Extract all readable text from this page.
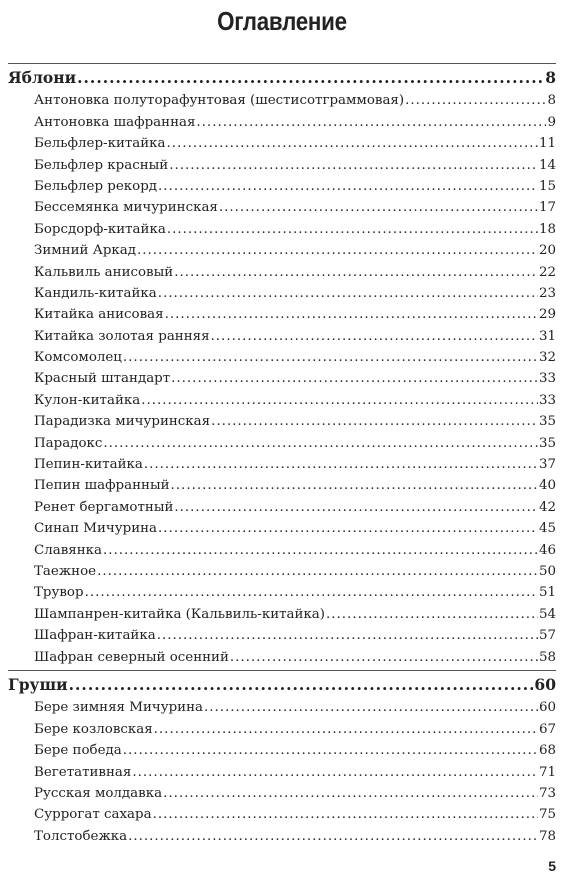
Оглавление
Яблони .....	8
Антоновка полуторафунтовая (шестисотграммовая) .....	8
Антоновка шафранная .....	9
Бельфлер-китайка .....	11
Бельфлер красный .....	14
Бельфлер рекорд .....	15
Бессемянка мичуринская .....	17
Борсдорф-китайка .....	18
Зимний Аркад .....	20
Кальвиль анисовый .....	22
Кандиль-китайка .....	23
Китайка анисовая .....	29
Китайка золотая ранняя .....	31
Комсомолец .....	32
Красный штандарт .....	33
Кулон-китайка .....	33
Парадизка мичуринская .....	35
Парадокс .....	35
Пепин-китайка .....	37
Пепин шафранный .....	40
Ренет бергамотный .....	42
Синап Мичурина .....	45
Славянка .....	46
Таежное .....	50
Трувор .....	51
Шампанрен-китайка (Кальвиль-китайка) .....	54
Шафран-китайка .....	57
Шафран северный осенний .....	58
Груши .....	60
Бере зимняя Мичурина .....	60
Бере козловская .....	67
Бере победа .....	68
Вегетативная .....	71
Русская молдавка .....	73
Суррогат сахара .....	75
Толстобежка .....	78
5
